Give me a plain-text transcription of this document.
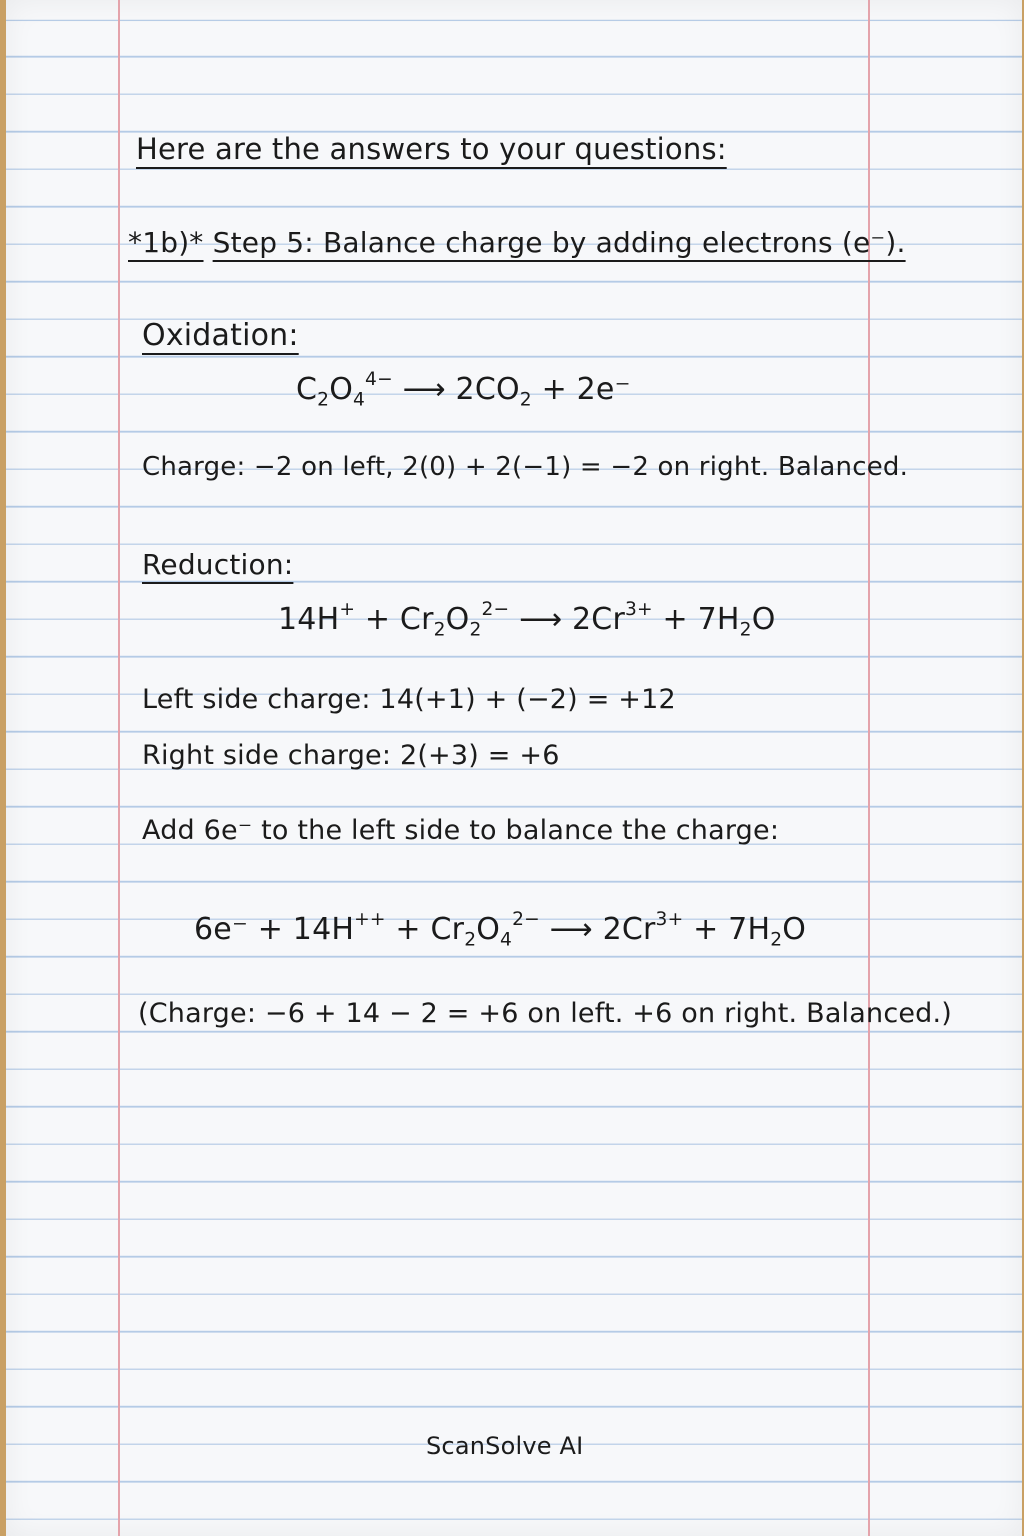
Here are the answers to your questions:
*1b)* Step 5: Balance charge by adding electrons (e⁻).
Oxidation:
$C_2O_4^{4-}$ ⟶ $2CO_2 + 2e^-$
Charge: −2 on left, 2(0) + 2(−1) = −2 on right. Balanced.
Reduction:
$14H^+ + Cr_2O_2^{2-}$ ⟶ $2Cr^{3+} + 7H_2O$
Left side charge: 14(+1) + (−2) = +12
Right side charge: 2(+3) = +6
Add 6e⁻ to the left side to balance the charge:
$6e^- + 14H^{++} + Cr_2O_4^{2-}$ ⟶ $2Cr^{3+} + 7H_2O$
(Charge: −6 + 14 − 2 = +6 on left. +6 on right. Balanced.)
ScanSolve AI
